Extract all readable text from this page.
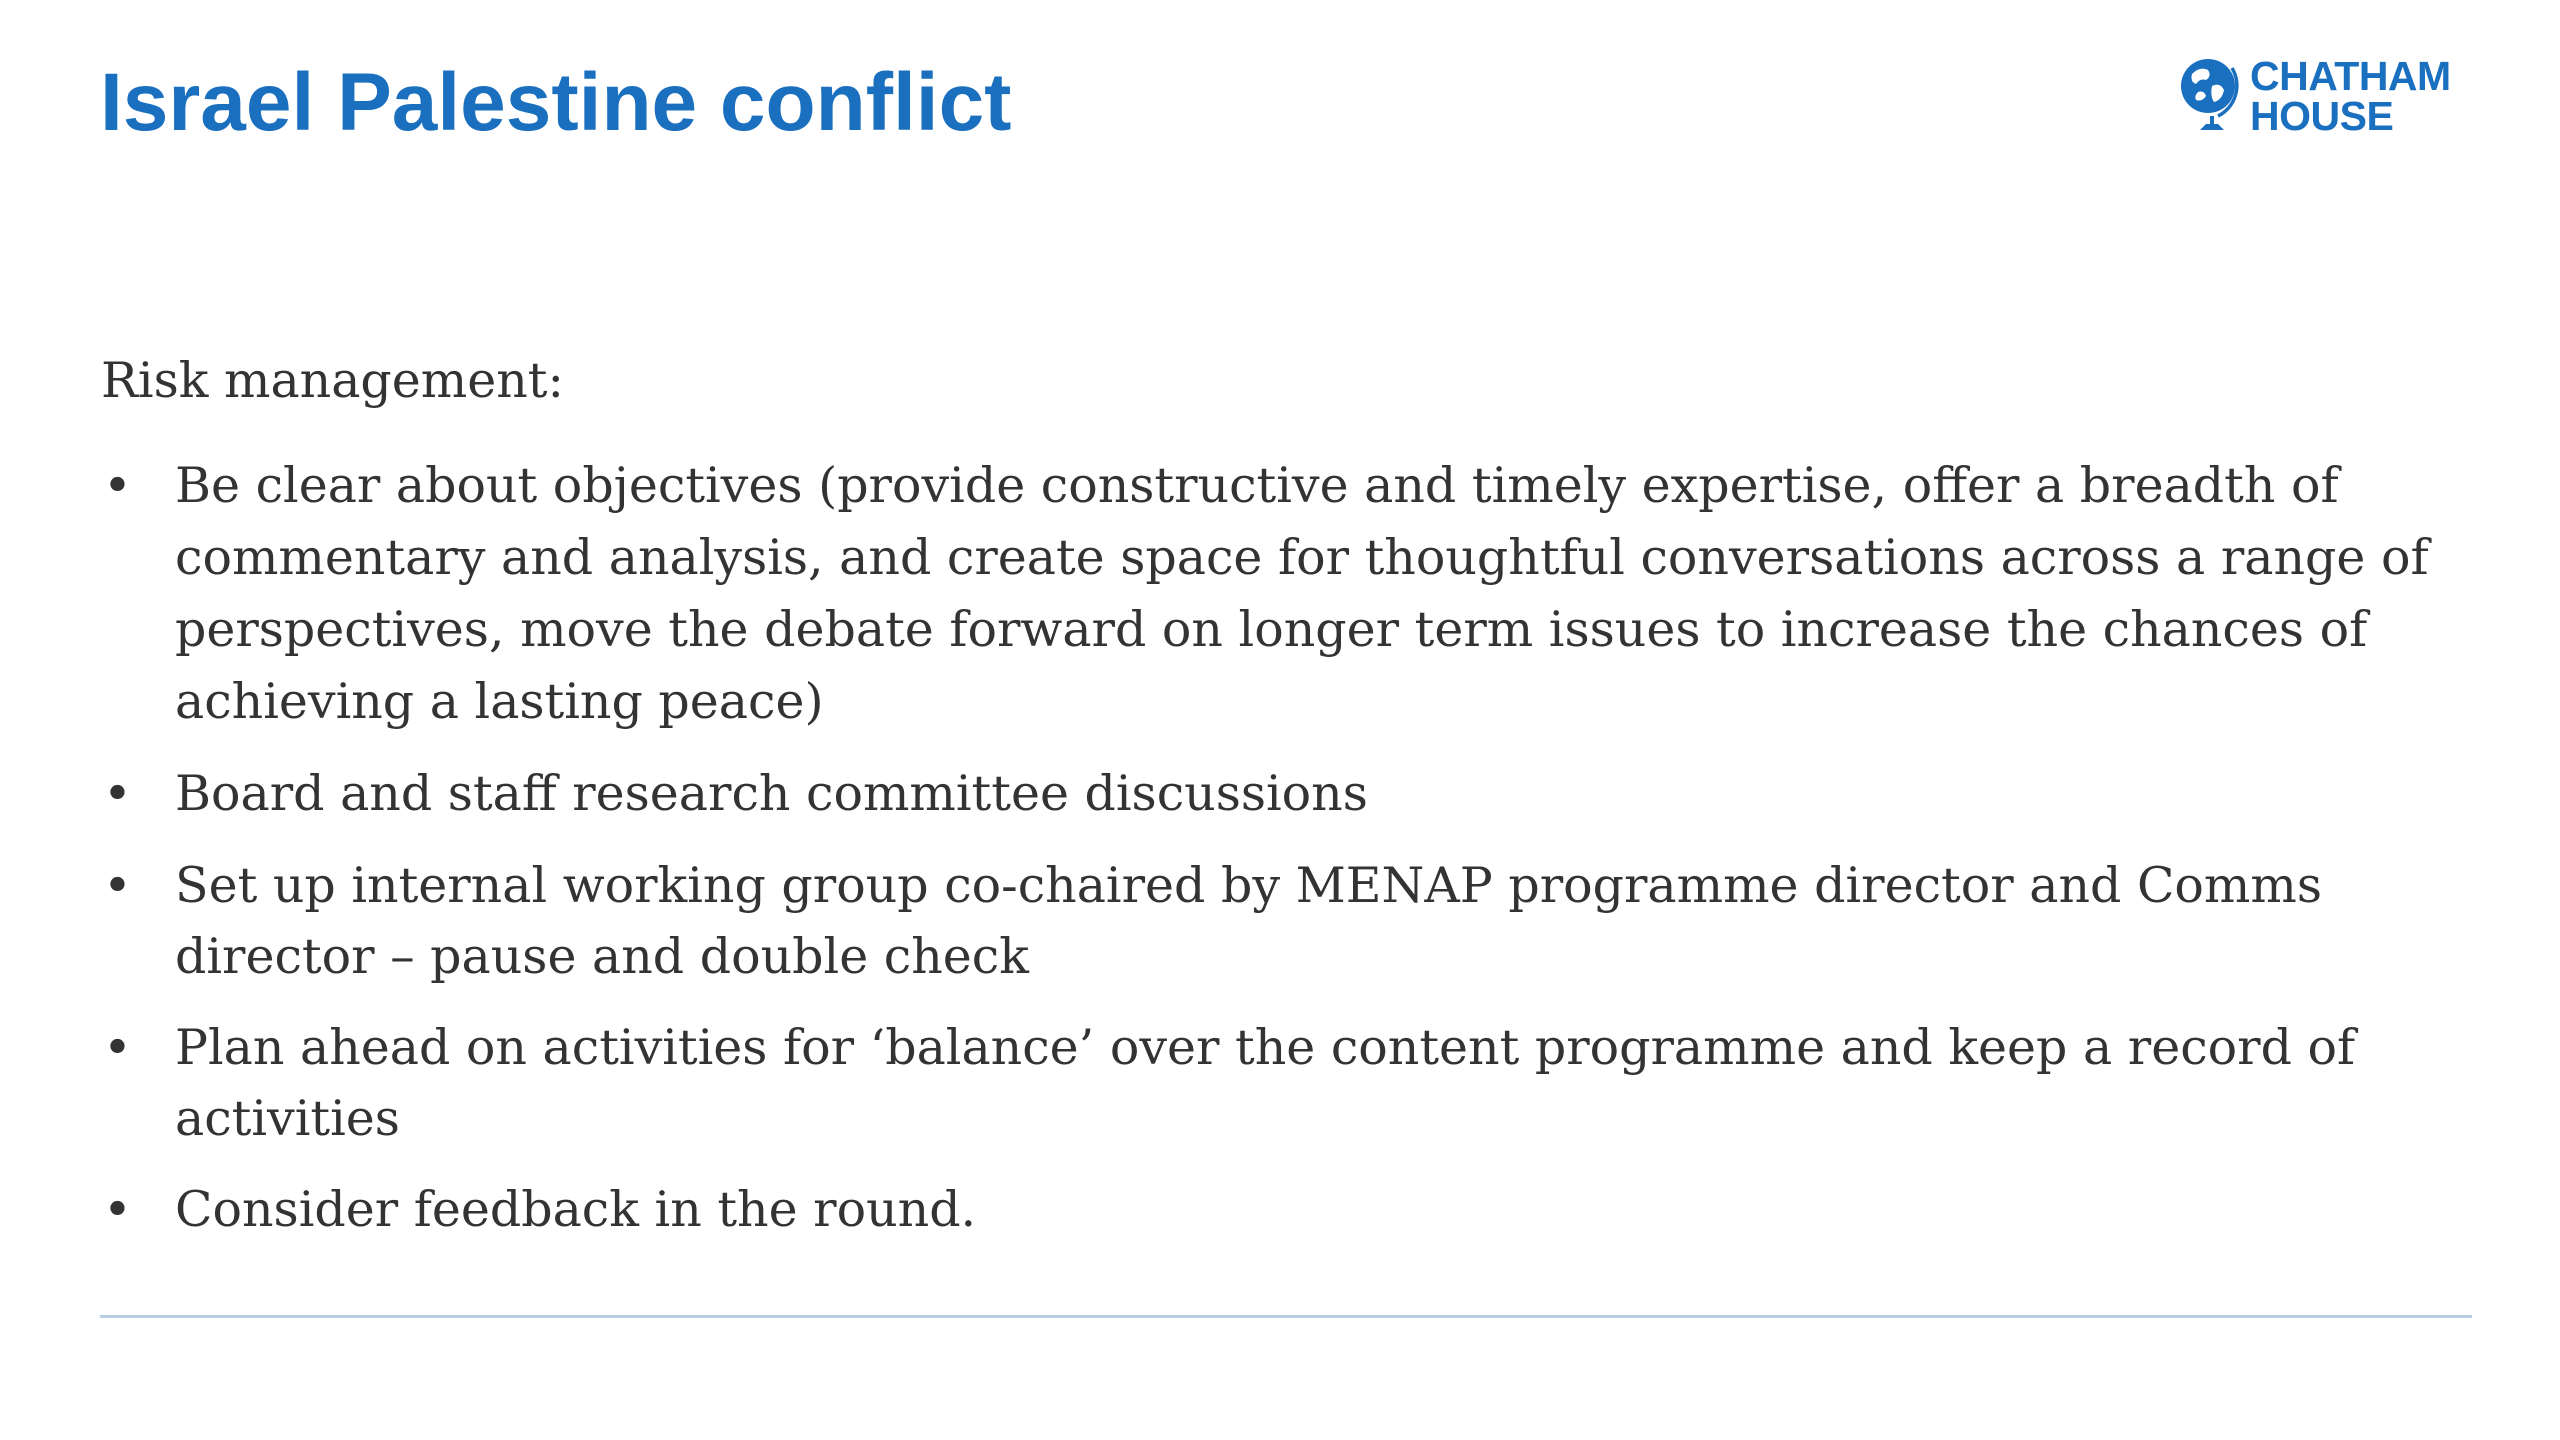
Israel Palestine conflict	CHATHAM
HOUSE

Risk management:

• Be clear about objectives (provide constructive and timely expertise, offer a breadth of commentary and analysis, and create space for thoughtful conversations across a range of perspectives, move the debate forward on longer term issues to increase the chances of achieving a lasting peace)
• Board and staff research committee discussions
• Set up internal working group co-chaired by MENAP programme director and Comms director – pause and double check
• Plan ahead on activities for ‘balance’ over the content programme and keep a record of activities
• Consider feedback in the round.
